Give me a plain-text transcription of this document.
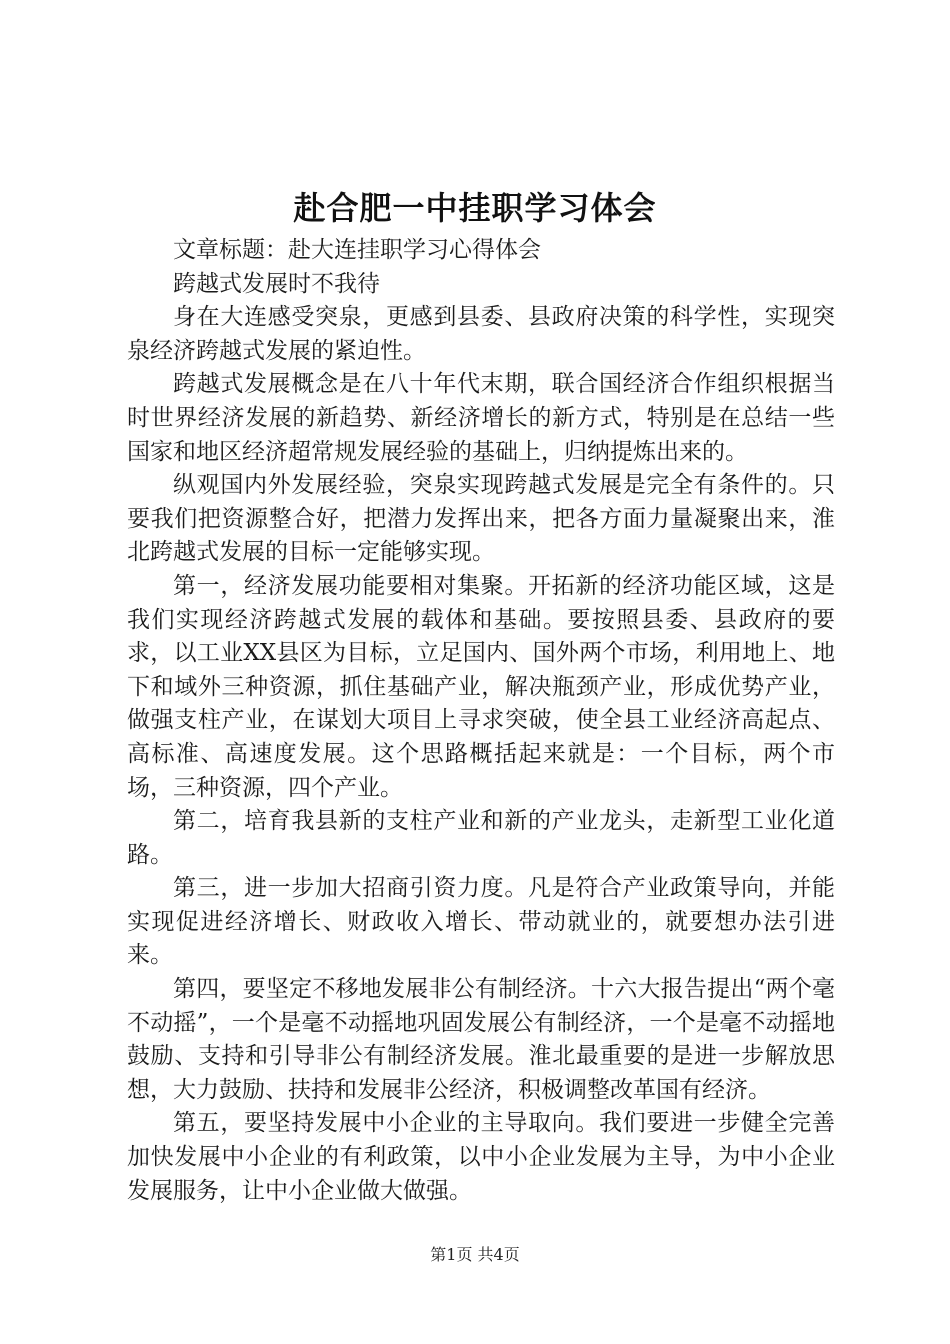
赴合肥一中挂职学习体会

文章标题：赴大连挂职学习心得体会

跨越式发展时不我待

身在大连感受突泉，更感到县委、县政府决策的科学性，实现突泉经济跨越式发展的紧迫性。

跨越式发展概念是在八十年代末期，联合国经济合作组织根据当时世界经济发展的新趋势、新经济增长的新方式，特别是在总结一些国家和地区经济超常规发展经验的基础上，归纳提炼出来的。

纵观国内外发展经验，突泉实现跨越式发展是完全有条件的。只要我们把资源整合好，把潜力发挥出来，把各方面力量凝聚出来，淮北跨越式发展的目标一定能够实现。

第一，经济发展功能要相对集聚。开拓新的经济功能区域，这是我们实现经济跨越式发展的载体和基础。要按照县委、县政府的要求，以工业XX县区为目标，立足国内、国外两个市场，利用地上、地下和域外三种资源，抓住基础产业，解决瓶颈产业，形成优势产业，做强支柱产业，在谋划大项目上寻求突破，使全县工业经济高起点、高标准、高速度发展。这个思路概括起来就是：一个目标，两个市场，三种资源，四个产业。

第二，培育我县新的支柱产业和新的产业龙头，走新型工业化道路。

第三，进一步加大招商引资力度。凡是符合产业政策导向，并能实现促进经济增长、财政收入增长、带动就业的，就要想办法引进来。

第四，要坚定不移地发展非公有制经济。十六大报告提出“两个毫不动摇”，一个是毫不动摇地巩固发展公有制经济，一个是毫不动摇地鼓励、支持和引导非公有制经济发展。淮北最重要的是进一步解放思想，大力鼓励、扶持和发展非公经济，积极调整改革国有经济。

第五，要坚持发展中小企业的主导取向。我们要进一步健全完善加快发展中小企业的有利政策，以中小企业发展为主导，为中小企业发展服务，让中小企业做大做强。

第1页 共4页
